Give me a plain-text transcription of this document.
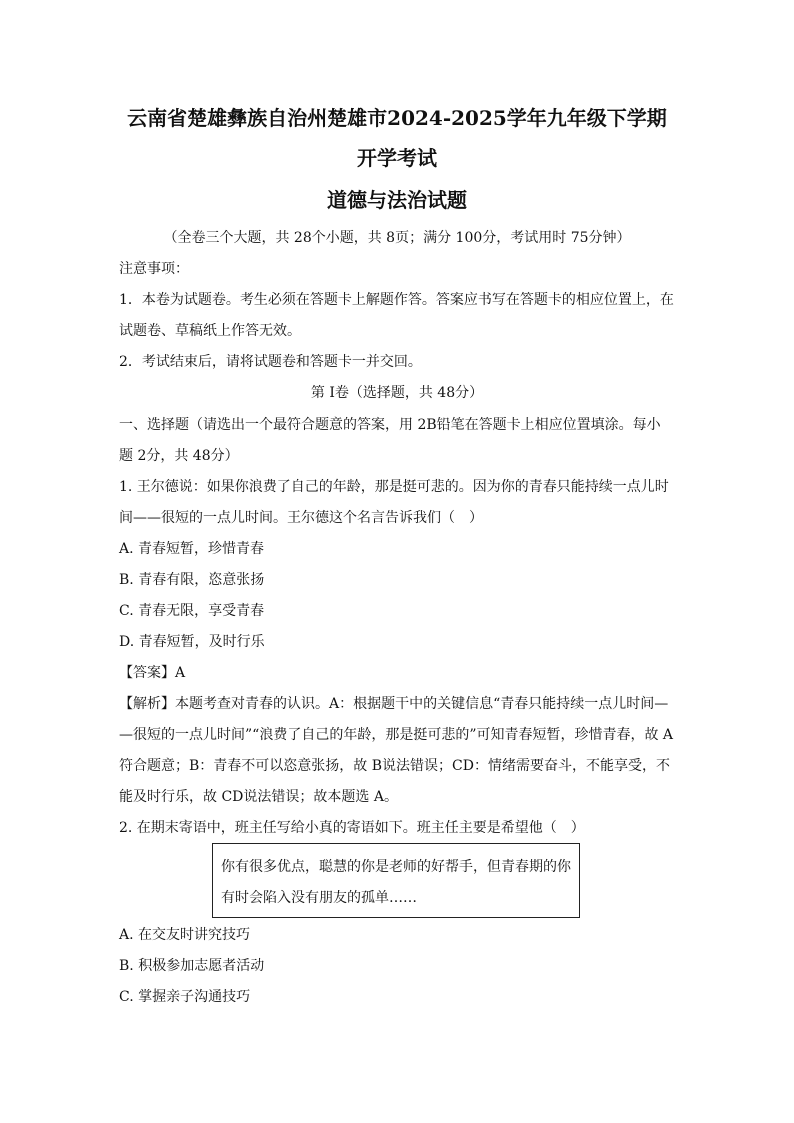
云南省楚雄彝族自治州楚雄市2024-2025学年九年级下学期
开学考试
道德与法治试题
（全卷三个大题，共 28个小题，共 8页；满分 100分，考试用时 75分钟）
注意事项：
1．本卷为试题卷。考生必须在答题卡上解题作答。答案应书写在答题卡的相应位置上，在
试题卷、草稿纸上作答无效。
2．考试结束后，请将试题卷和答题卡一并交回。
第 I卷（选择题，共 48分）
一、选择题（请选出一个最符合题意的答案，用 2B铅笔在答题卡上相应位置填涂。每小
题 2分，共 48分）
1. 王尔德说：如果你浪费了自己的年龄，那是挺可悲的。因为你的青春只能持续一点儿时
间——很短的一点儿时间。王尔德这个名言告诉我们（　）
A. 青春短暂，珍惜青春
B. 青春有限，恣意张扬
C. 青春无限，享受青春
D. 青春短暂，及时行乐
【答案】A
【解析】本题考查对青春的认识。A：根据题干中的关键信息“青春只能持续一点儿时间—
—很短的一点儿时间”“浪费了自己的年龄，那是挺可悲的”可知青春短暂，珍惜青春，故 A
符合题意；B：青春不可以恣意张扬，故 B说法错误；CD：情绪需要奋斗，不能享受，不
能及时行乐，故 CD说法错误；故本题选 A。
2. 在期末寄语中，班主任写给小真的寄语如下。班主任主要是希望他（　）
你有很多优点，聪慧的你是老师的好帮手，但青春期的你
有时会陷入没有朋友的孤单……
A. 在交友时讲究技巧
B. 积极参加志愿者活动
C. 掌握亲子沟通技巧
